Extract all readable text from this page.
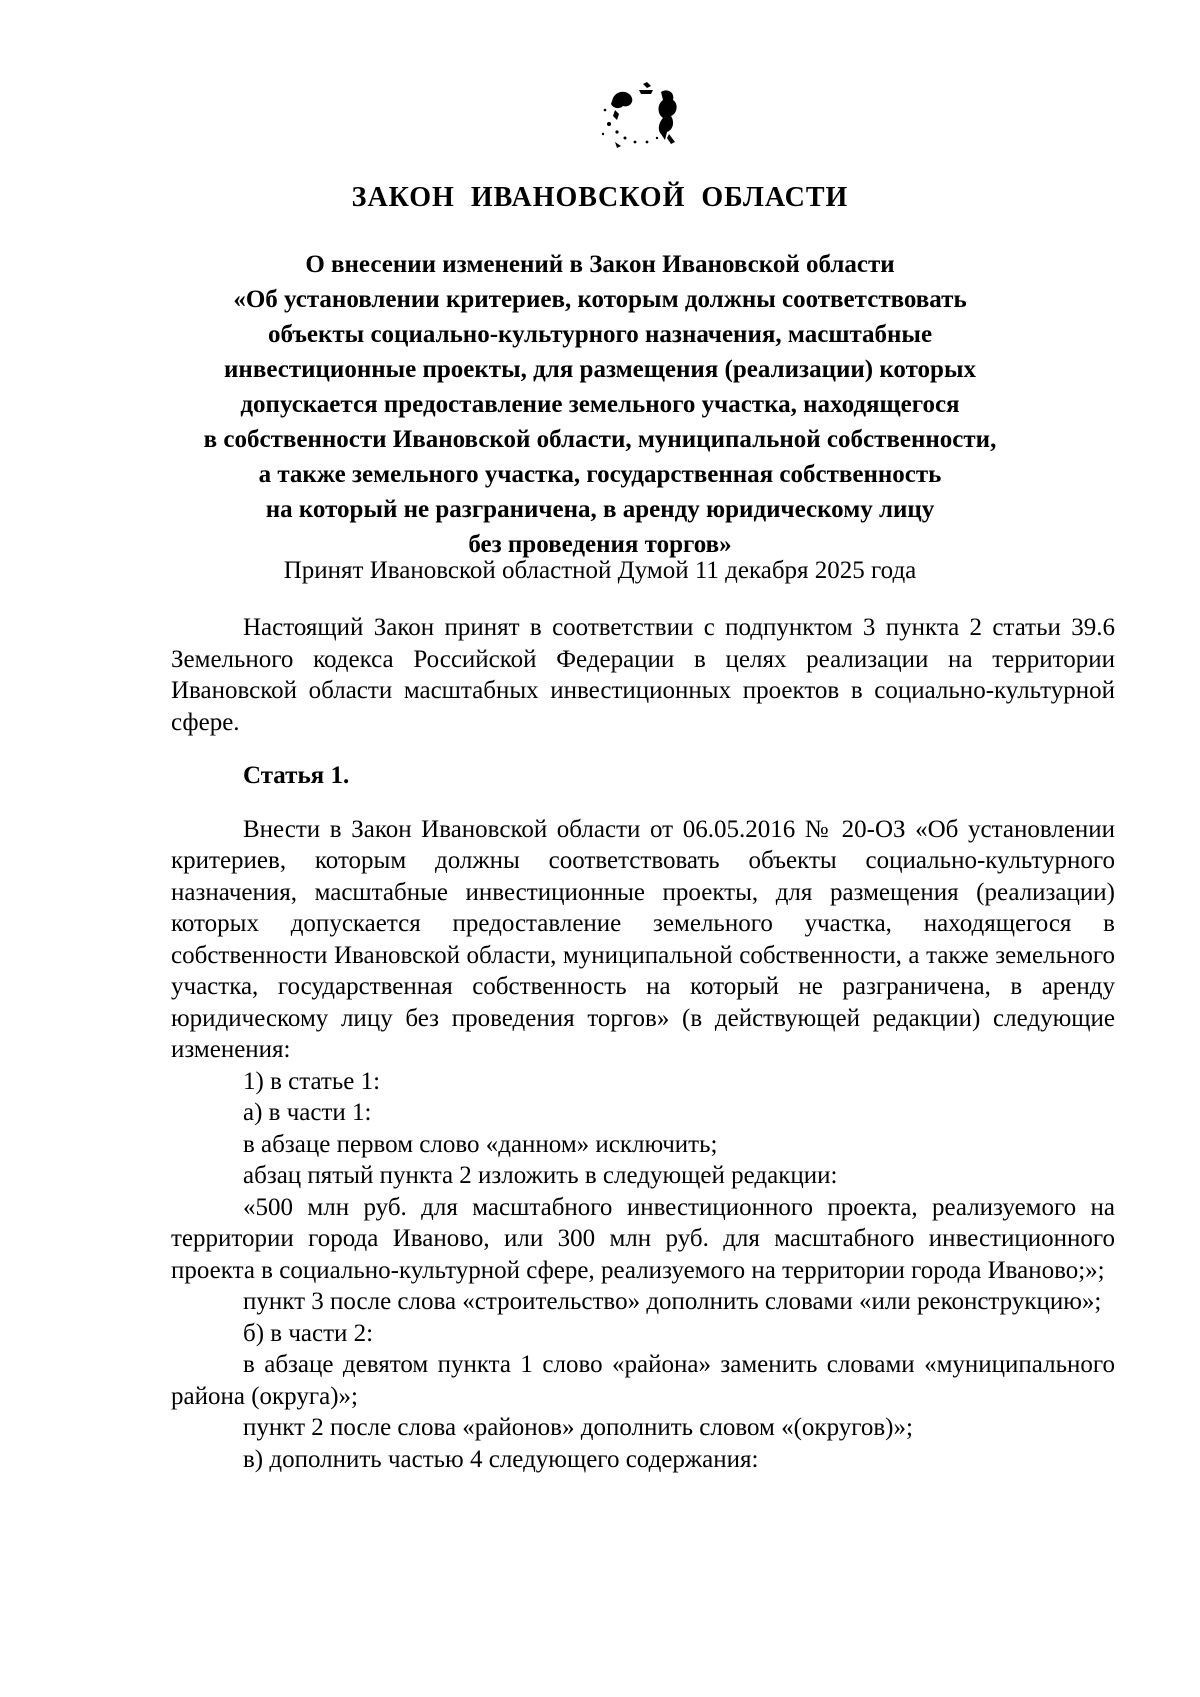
ЗАКОН ИВАНОВСКОЙ ОБЛАСТИ
О внесении изменений в Закон Ивановской области
«Об установлении критериев, которым должны соответствовать
объекты социально-культурного назначения, масштабные
инвестиционные проекты, для размещения (реализации) которых
допускается предоставление земельного участка, находящегося
в собственности Ивановской области, муниципальной собственности,
а также земельного участка, государственная собственность
на который не разграничена, в аренду юридическому лицу
без проведения торгов»
Принят Ивановской областной Думой 11 декабря 2025 года

Настоящий Закон принят в соответствии с подпунктом 3 пункта 2 статьи 39.6 Земельного кодекса Российской Федерации в целях реализации на территории Ивановской области масштабных инвестиционных проектов в социально-культурной сфере.

Статья 1.

Внести в Закон Ивановской области от 06.05.2016 № 20-ОЗ «Об установлении критериев, которым должны соответствовать объекты социально-культурного назначения, масштабные инвестиционные проекты, для размещения (реализации) которых допускается предоставление земельного участка, находящегося в собственности Ивановской области, муниципальной собственности, а также земельного участка, государственная собственность на который не разграничена, в аренду юридическому лицу без проведения торгов» (в действующей редакции) следующие изменения:

1) в статье 1:

а) в части 1:

в абзаце первом слово «данном» исключить;

абзац пятый пункта 2 изложить в следующей редакции:

«500 млн руб. для масштабного инвестиционного проекта, реализуемого на территории города Иваново, или 300 млн руб. для масштабного инвестиционного проекта в социально-культурной сфере, реализуемого на территории города Иваново;»;

пункт 3 после слова «строительство» дополнить словами «или реконструкцию»;

б) в части 2:

в абзаце девятом пункта 1 слово «района» заменить словами «муниципального района (округа)»;

пункт 2 после слова «районов» дополнить словом «(округов)»;

в) дополнить частью 4 следующего содержания:
